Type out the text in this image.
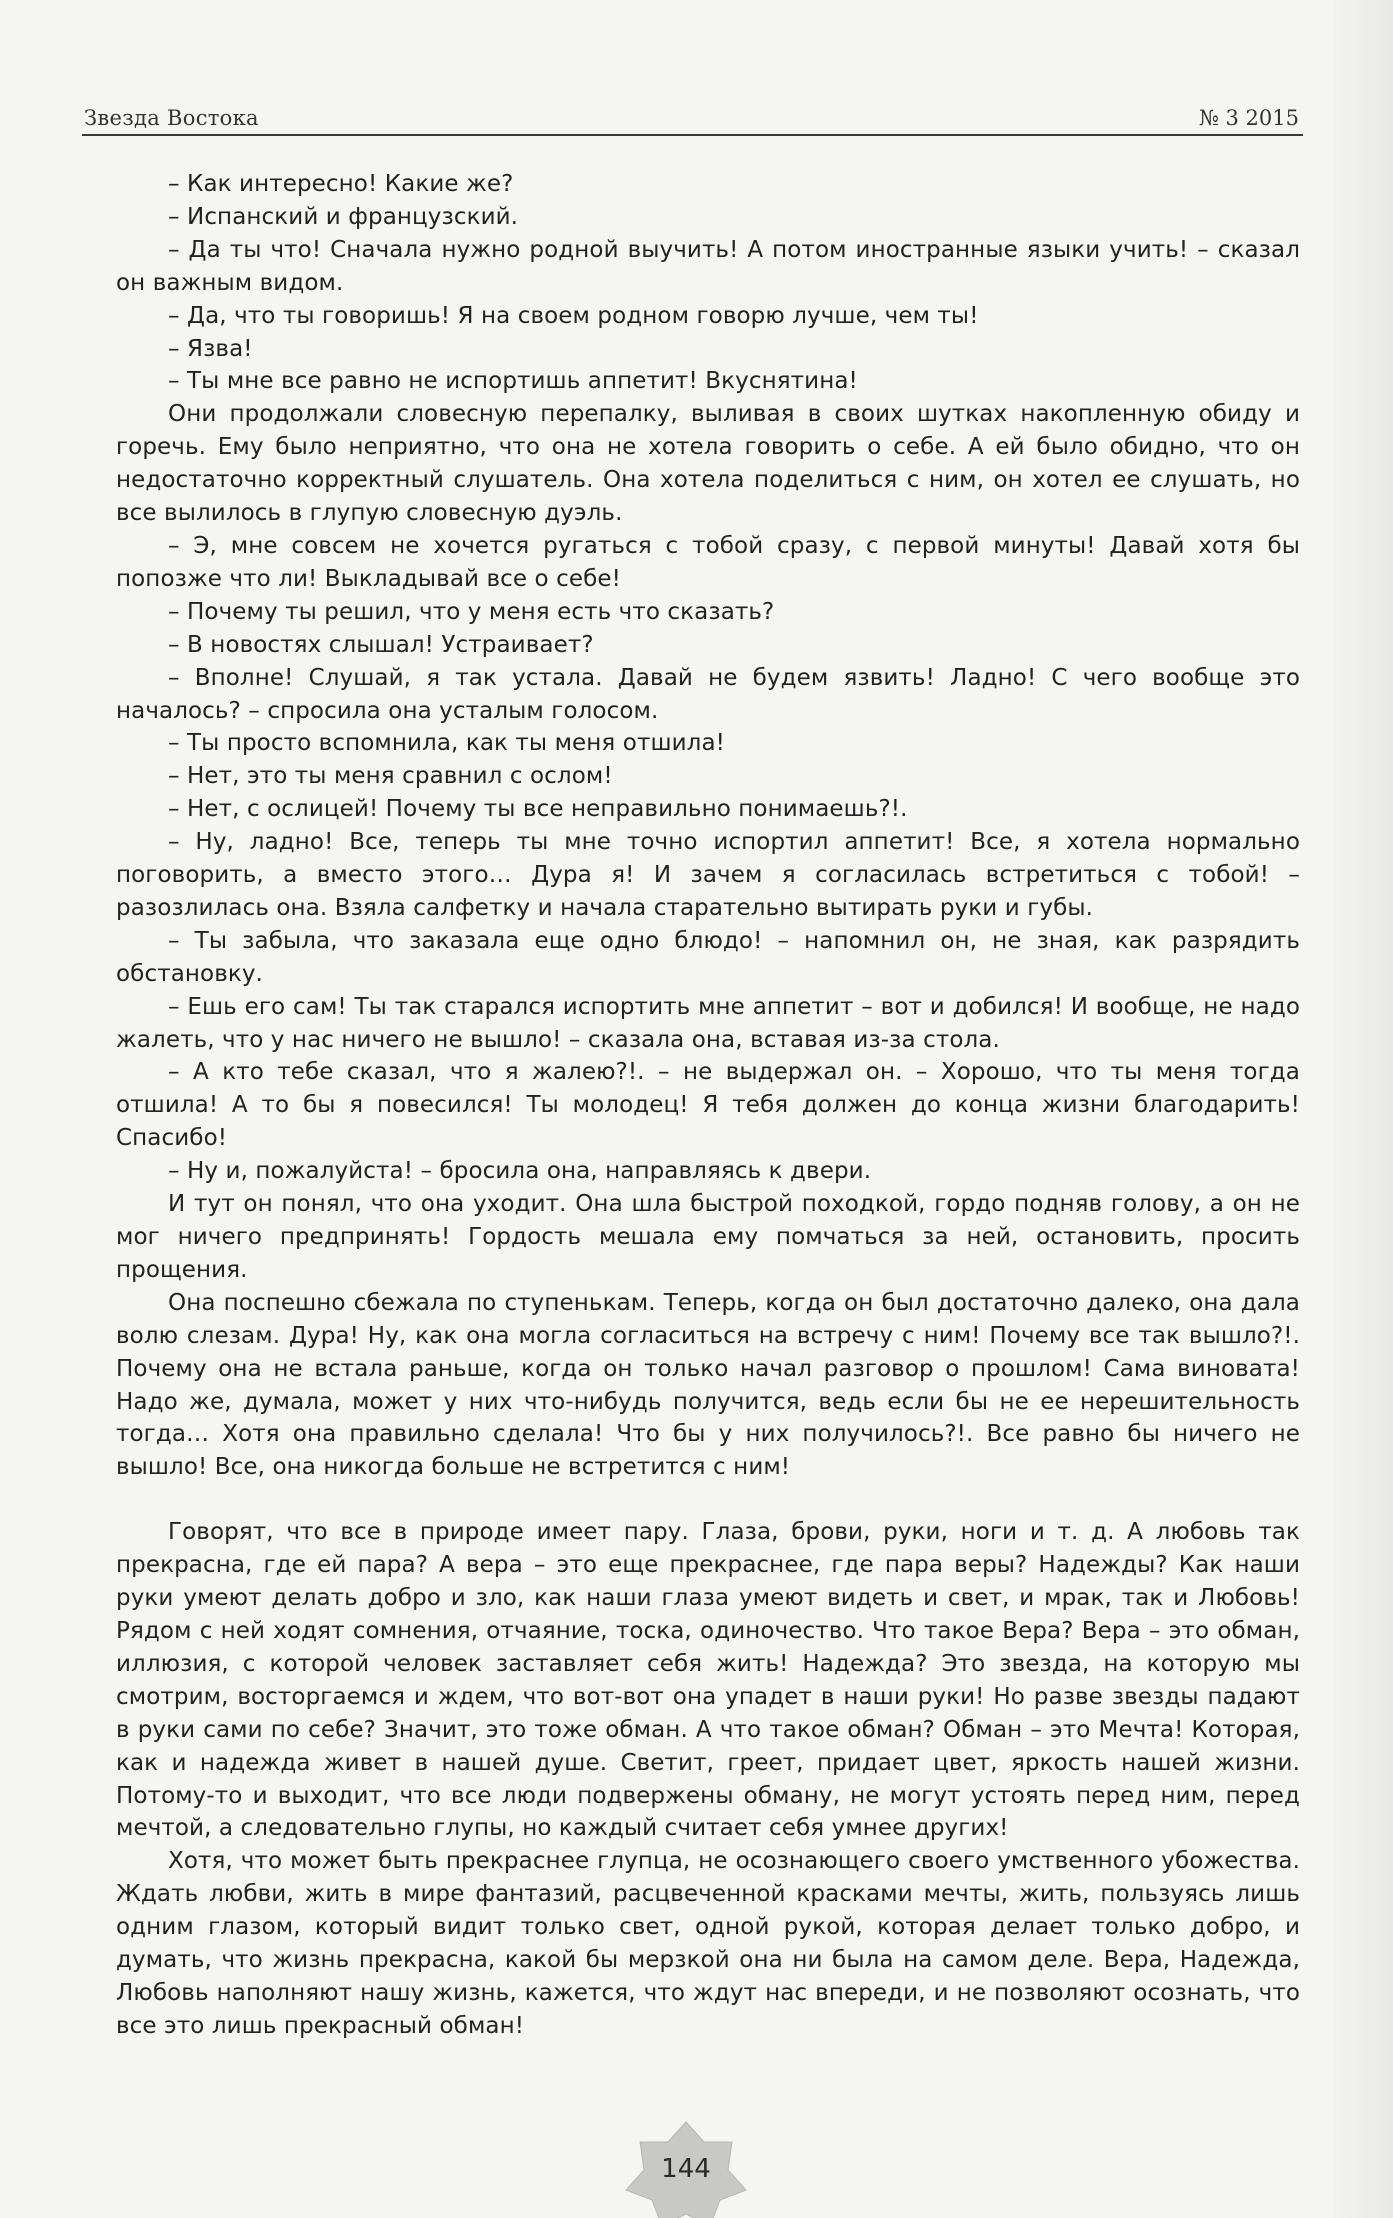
Звезда Востока	№ 3 2015

– Как интересно! Какие же?

– Испанский и французский.

– Да ты что! Сначала нужно родной выучить! А потом иностранные языки учить! – сказал он важным видом.

– Да, что ты говоришь! Я на своем родном говорю лучше, чем ты!

– Язва!

– Ты мне все равно не испортишь аппетит! Вкуснятина!

Они продолжали словесную перепалку, выливая в своих шутках накопленную обиду и горечь. Ему было неприятно, что она не хотела говорить о себе. А ей было обидно, что он недостаточно корректный слушатель. Она хотела поделиться с ним, он хотел ее слушать, но все вылилось в глупую словесную дуэль.

– Э, мне совсем не хочется ругаться с тобой сразу, с первой минуты! Давай хотя бы попозже что ли! Выкладывай все о себе!

– Почему ты решил, что у меня есть что сказать?

– В новостях слышал! Устраивает?

– Вполне! Слушай, я так устала. Давай не будем язвить! Ладно! С чего вообще это началось? – спросила она усталым голосом.

– Ты просто вспомнила, как ты меня отшила!

– Нет, это ты меня сравнил с ослом!

– Нет, с ослицей! Почему ты все неправильно понимаешь?!.

– Ну, ладно! Все, теперь ты мне точно испортил аппетит! Все, я хотела нормально поговорить, а вместо этого… Дура я! И зачем я согласилась встретиться с тобой! – разозлилась она. Взяла салфетку и начала старательно вытирать руки и губы.

– Ты забыла, что заказала еще одно блюдо! – напомнил он, не зная, как разрядить обстановку.

– Ешь его сам! Ты так старался испортить мне аппетит – вот и добился! И вообще, не надо жалеть, что у нас ничего не вышло! – сказала она, вставая из-за стола.

– А кто тебе сказал, что я жалею?!. – не выдержал он. – Хорошо, что ты меня тогда отшила! А то бы я повесился! Ты молодец! Я тебя должен до конца жизни благодарить! Спасибо!

– Ну и, пожалуйста! – бросила она, направляясь к двери.

И тут он понял, что она уходит. Она шла быстрой походкой, гордо подняв голову, а он не мог ничего предпринять! Гордость мешала ему помчаться за ней, остановить, просить прощения.

Она поспешно сбежала по ступенькам. Теперь, когда он был достаточно далеко, она дала волю слезам. Дура! Ну, как она могла согласиться на встречу с ним! Почему все так вышло?!. Почему она не встала раньше, когда он только начал разговор о прошлом! Сама виновата! Надо же, думала, может у них что-нибудь получится, ведь если бы не ее нерешительность тогда… Хотя она правильно сделала! Что бы у них получилось?!. Все равно бы ничего не вышло! Все, она никогда больше не встретится с ним!

Говорят, что все в природе имеет пару. Глаза, брови, руки, ноги и т. д. А любовь так прекрасна, где ей пара? А вера – это еще прекраснее, где пара веры? Надежды? Как наши руки умеют делать добро и зло, как наши глаза умеют видеть и свет, и мрак, так и Любовь! Рядом с ней ходят сомнения, отчаяние, тоска, одиночество. Что такое Вера? Вера – это обман, иллюзия, с которой человек заставляет себя жить! Надежда? Это звезда, на которую мы смотрим, восторгаемся и ждем, что вот-вот она упадет в наши руки! Но разве звезды падают в руки сами по себе? Значит, это тоже обман. А что такое обман? Обман – это Мечта! Которая, как и надежда живет в нашей душе. Светит, греет, придает цвет, яркость нашей жизни. Потому-то и выходит, что все люди подвержены обману, не могут устоять перед ним, перед мечтой, а следовательно глупы, но каждый считает себя умнее других!

Хотя, что может быть прекраснее глупца, не осознающего своего умственного убожества. Ждать любви, жить в мире фантазий, расцвеченной красками мечты, жить, пользуясь лишь одним глазом, который видит только свет, одной рукой, которая делает только добро, и думать, что жизнь прекрасна, какой бы мерзкой она ни была на самом деле. Вера, Надежда, Любовь наполняют нашу жизнь, кажется, что ждут нас впереди, и не позволяют осознать, что все это лишь прекрасный обман!

144
